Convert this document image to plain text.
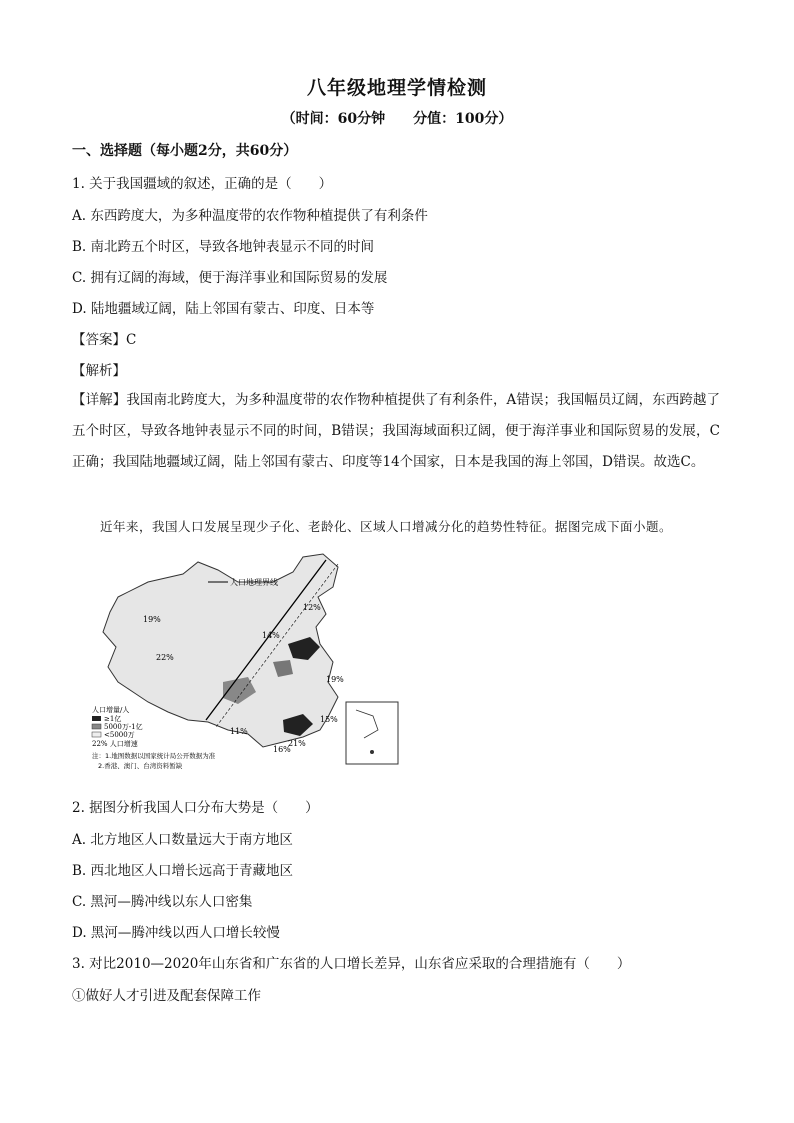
八年级地理学情检测
（时间：60分钟　　分值：100分）
一、选择题（每小题2分，共60分）
1. 关于我国疆域的叙述，正确的是（　　）
A. 东西跨度大，为多种温度带的农作物种植提供了有利条件
B. 南北跨五个时区，导致各地钟表显示不同的时间
C. 拥有辽阔的海域，便于海洋事业和国际贸易的发展
D. 陆地疆域辽阔，陆上邻国有蒙古、印度、日本等
【答案】C
【解析】
【详解】我国南北跨度大，为多种温度带的农作物种植提供了有利条件，A错误；我国幅员辽阔，东西跨越了五个时区，导致各地钟表显示不同的时间，B错误；我国海域面积辽阔，便于海洋事业和国际贸易的发展，C正确；我国陆地疆域辽阔，陆上邻国有蒙古、印度等14个国家，日本是我国的海上邻国，D错误。故选C。
近年来，我国人口发展呈现少子化、老龄化、区域人口增减分化的趋势性特征。据图完成下面小题。
人口地理界线
19%
22%
12%
14%
19%
11%
15%
21%
16%
人口增量/人
≥1亿
5000万-1亿
<5000万
22% 人口增速
注：1.地图数据以国家统计局公开数据为准
2.香港、澳门、台湾资料暂缺
2. 据图分析我国人口分布大势是（　　）
A. 北方地区人口数量远大于南方地区
B. 西北地区人口增长远高于青藏地区
C. 黑河—腾冲线以东人口密集
D. 黑河—腾冲线以西人口增长较慢
3. 对比2010—2020年山东省和广东省的人口增长差异，山东省应采取的合理措施有（　　）
①做好人才引进及配套保障工作
